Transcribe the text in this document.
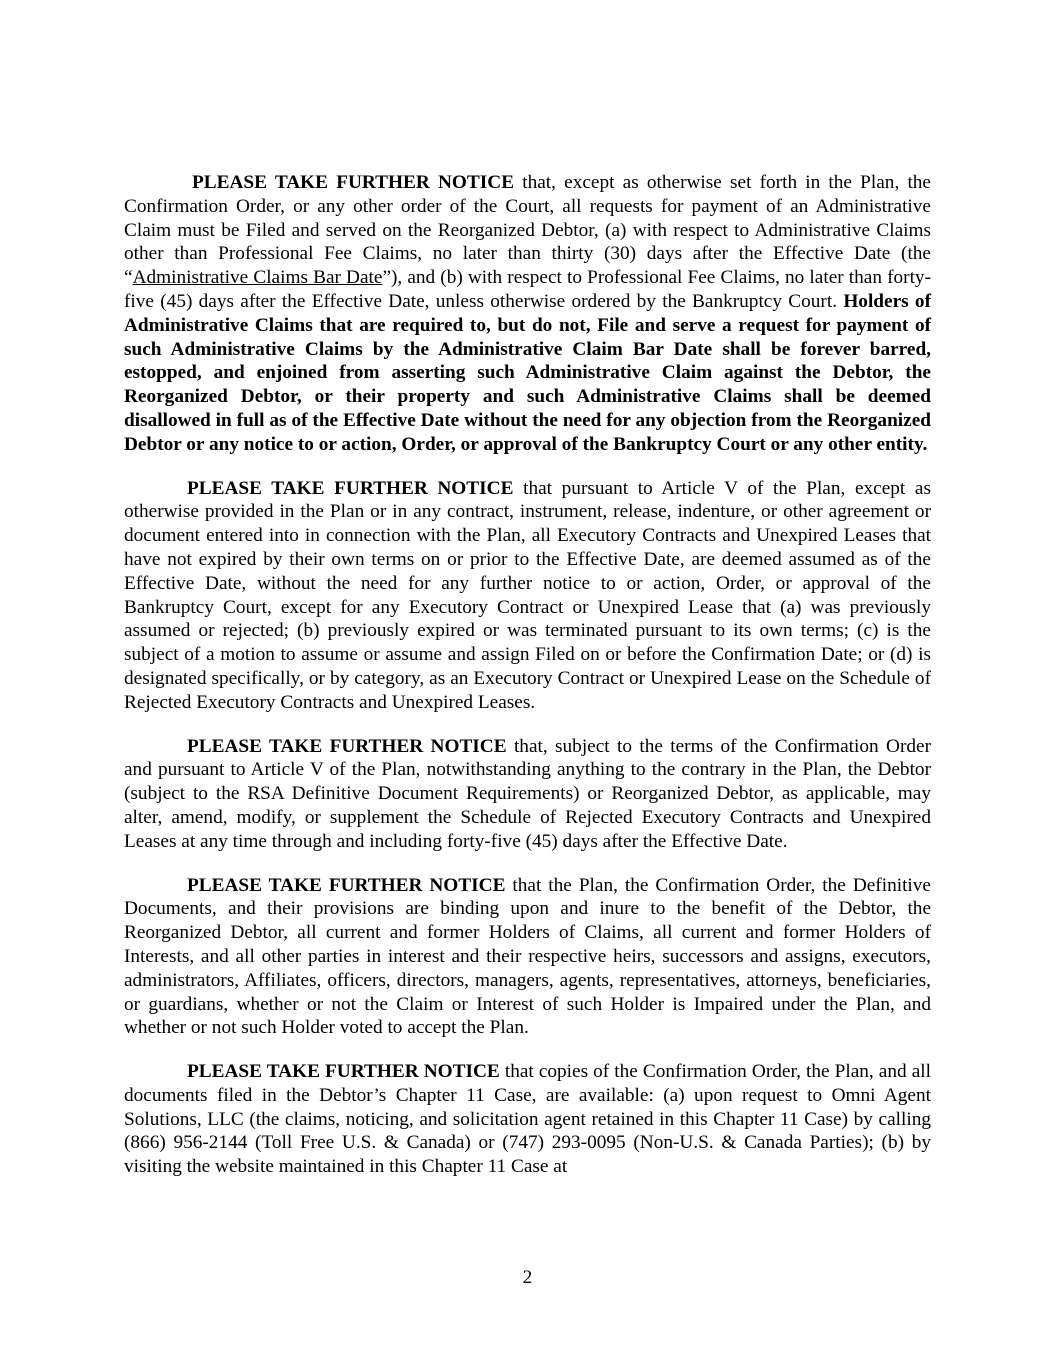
PLEASE TAKE FURTHER NOTICE that, except as otherwise set forth in the Plan, the Confirmation Order, or any other order of the Court, all requests for payment of an Administrative Claim must be Filed and served on the Reorganized Debtor, (a) with respect to Administrative Claims other than Professional Fee Claims, no later than thirty (30) days after the Effective Date (the “Administrative Claims Bar Date”), and (b) with respect to Professional Fee Claims, no later than forty-five (45) days after the Effective Date, unless otherwise ordered by the Bankruptcy Court. Holders of Administrative Claims that are required to, but do not, File and serve a request for payment of such Administrative Claims by the Administrative Claim Bar Date shall be forever barred, estopped, and enjoined from asserting such Administrative Claim against the Debtor, the Reorganized Debtor, or their property and such Administrative Claims shall be deemed disallowed in full as of the Effective Date without the need for any objection from the Reorganized Debtor or any notice to or action, Order, or approval of the Bankruptcy Court or any other entity.

PLEASE TAKE FURTHER NOTICE that pursuant to Article V of the Plan, except as otherwise provided in the Plan or in any contract, instrument, release, indenture, or other agreement or document entered into in connection with the Plan, all Executory Contracts and Unexpired Leases that have not expired by their own terms on or prior to the Effective Date, are deemed assumed as of the Effective Date, without the need for any further notice to or action, Order, or approval of the Bankruptcy Court, except for any Executory Contract or Unexpired Lease that (a) was previously assumed or rejected; (b) previously expired or was terminated pursuant to its own terms; (c) is the subject of a motion to assume or assume and assign Filed on or before the Confirmation Date; or (d) is designated specifically, or by category, as an Executory Contract or Unexpired Lease on the Schedule of Rejected Executory Contracts and Unexpired Leases.

PLEASE TAKE FURTHER NOTICE that, subject to the terms of the Confirmation Order and pursuant to Article V of the Plan, notwithstanding anything to the contrary in the Plan, the Debtor (subject to the RSA Definitive Document Requirements) or Reorganized Debtor, as applicable, may alter, amend, modify, or supplement the Schedule of Rejected Executory Contracts and Unexpired Leases at any time through and including forty-five (45) days after the Effective Date.

PLEASE TAKE FURTHER NOTICE that the Plan, the Confirmation Order, the Definitive Documents, and their provisions are binding upon and inure to the benefit of the Debtor, the Reorganized Debtor, all current and former Holders of Claims, all current and former Holders of Interests, and all other parties in interest and their respective heirs, successors and assigns, executors, administrators, Affiliates, officers, directors, managers, agents, representatives, attorneys, beneficiaries, or guardians, whether or not the Claim or Interest of such Holder is Impaired under the Plan, and whether or not such Holder voted to accept the Plan.

PLEASE TAKE FURTHER NOTICE that copies of the Confirmation Order, the Plan, and all documents filed in the Debtor’s Chapter 11 Case, are available: (a) upon request to Omni Agent Solutions, LLC (the claims, noticing, and solicitation agent retained in this Chapter 11 Case) by calling (866) 956-2144 (Toll Free U.S. & Canada) or (747) 293-0095 (Non-U.S. & Canada Parties); (b) by visiting the website maintained in this Chapter 11 Case at

2
